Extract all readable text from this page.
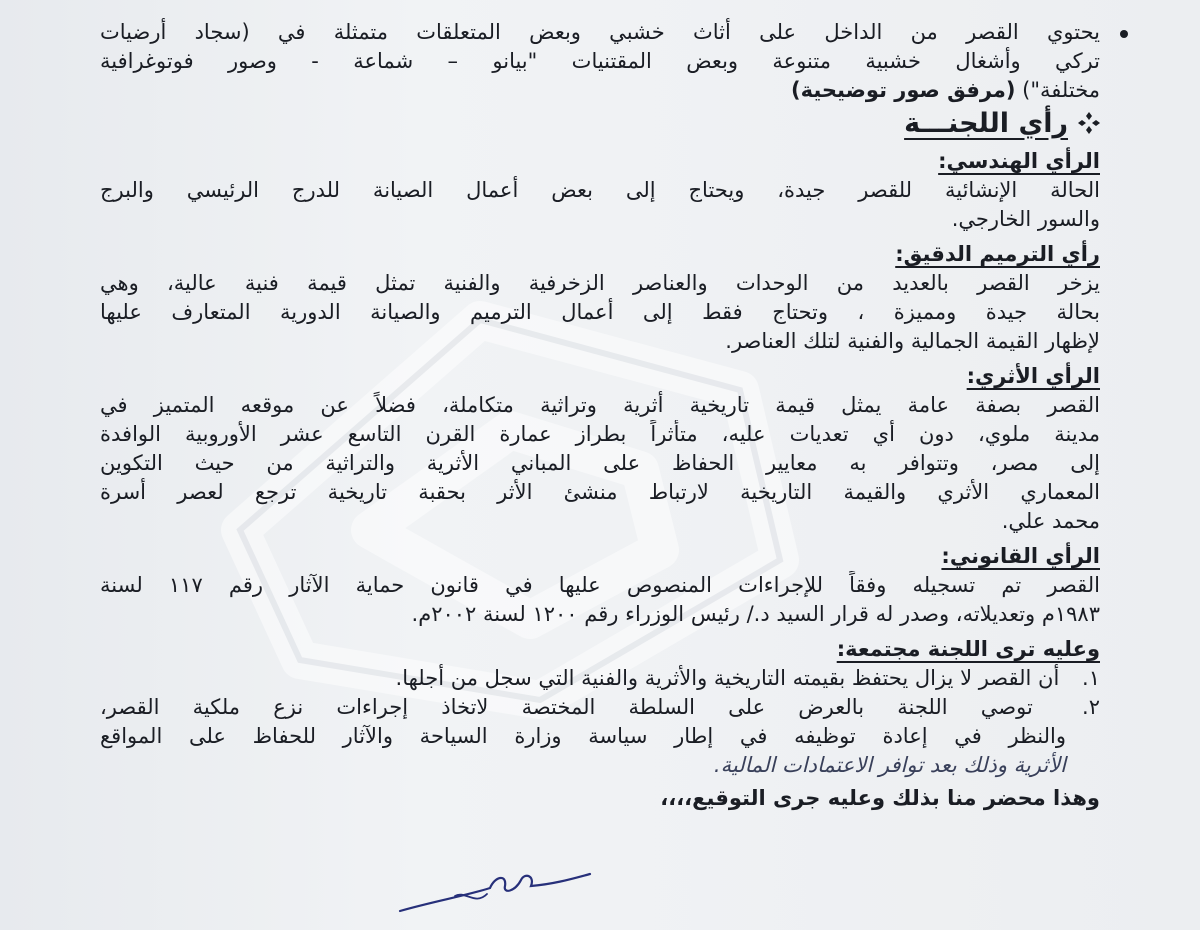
يحتوي القصر من الداخل على أثاث خشبي وبعض المتعلقات متمثلة في (سجاد أرضيات
تركي وأشغال خشبية متنوعة وبعض المقتنيات "بيانو – شماعة - وصور فوتوغرافية
مختلفة") (مرفق صور توضيحية)
رأي اللجنـــة
الرأي الهندسي:
الحالة الإنشائية للقصر جيدة، ويحتاج إلى بعض أعمال الصيانة للدرج الرئيسي والبرج
والسور الخارجي.
رأي الترميم الدقيق:
يزخر القصر بالعديد من الوحدات والعناصر الزخرفية والفنية تمثل قيمة فنية عالية، وهي
بحالة جيدة ومميزة ، وتحتاج فقط إلى أعمال الترميم والصيانة الدورية المتعارف عليها
لإظهار القيمة الجمالية والفنية لتلك العناصر.
الرأي الأثري:
القصر بصفة عامة يمثل قيمة تاريخية أثرية وتراثية متكاملة، فضلاً عن موقعه المتميز في
مدينة ملوي، دون أي تعديات عليه، متأثراً بطراز عمارة القرن التاسع عشر الأوروبية الوافدة
إلى مصر، وتتوافر به معايير الحفاظ على المباني الأثرية والتراثية من حيث التكوين
المعماري الأثري والقيمة التاريخية لارتباط منشئ الأثر بحقبة تاريخية ترجع لعصر أسرة
محمد علي.
الرأي القانوني:
القصر تم تسجيله وفقاً للإجراءات المنصوص عليها في قانون حماية الآثار رقم ١١٧ لسنة
١٩٨٣م وتعديلاته، وصدر له قرار السيد د./ رئيس الوزراء رقم ١٢٠٠ لسنة ٢٠٠٢م.
وعليه ترى اللجنة مجتمعة:
١. أن القصر لا يزال يحتفظ بقيمته التاريخية والأثرية والفنية التي سجل من أجلها.
٢. توصي اللجنة بالعرض على السلطة المختصة لاتخاذ إجراءات نزع ملكية القصر،
والنظر في إعادة توظيفه في إطار سياسة وزارة السياحة والآثار للحفاظ على المواقع
الأثرية وذلك بعد توافر الاعتمادات المالية.
وهذا محضر منا بذلك وعليه جرى التوقيع،،،،
